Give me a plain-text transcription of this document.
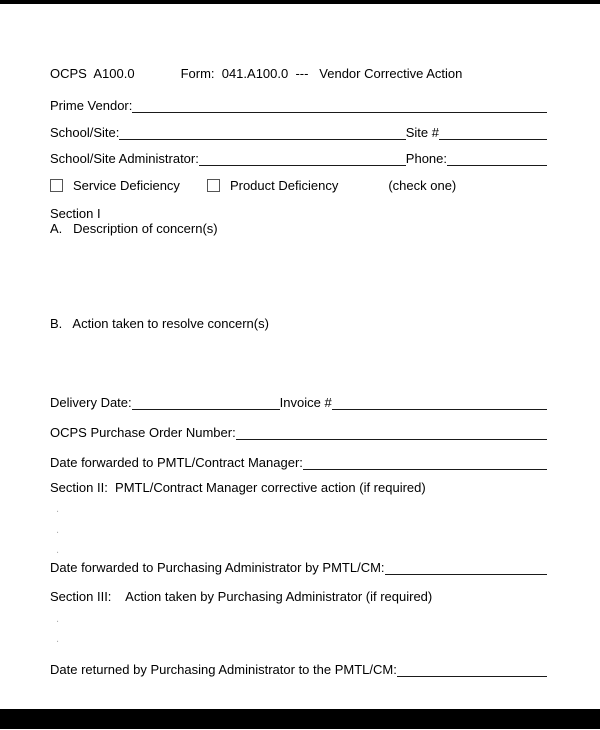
OCPS  A100.0	Form:  041.A100.0  ---   Vendor Corrective Action
Prime Vendor:
School/Site:	Site #
School/Site Administrator:	Phone:
Service Deficiency	Product Deficiency	(check one)
Section I
A.   Description of concern(s)
B.   Action taken to resolve concern(s)
Delivery Date:	Invoice #
OCPS Purchase Order Number:
Date forwarded to PMTL/Contract Manager:
Section II:  PMTL/Contract Manager corrective action (if required)
.
.
.
Date forwarded to Purchasing Administrator by PMTL/CM:
Section III:    Action taken by Purchasing Administrator (if required)
.
.
Date returned by Purchasing Administrator to the PMTL/CM:
